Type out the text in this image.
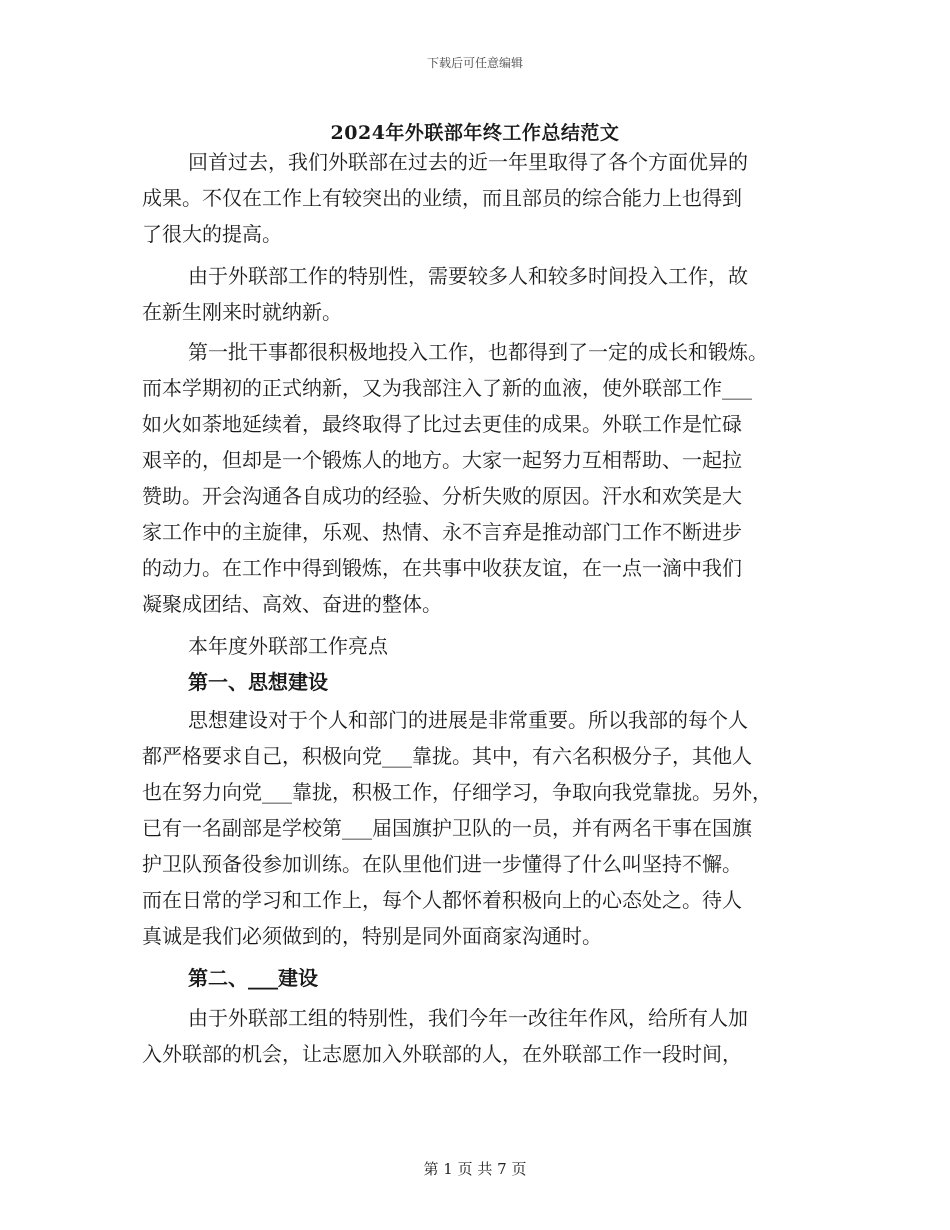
下载后可任意编辑
2024年外联部年终工作总结范文
回首过去，我们外联部在过去的近一年里取得了各个方面优异的
成果。不仅在工作上有较突出的业绩，而且部员的综合能力上也得到
了很大的提高。
由于外联部工作的特别性，需要较多人和较多时间投入工作，故
在新生刚来时就纳新。
第一批干事都很积极地投入工作，也都得到了一定的成长和锻炼。
而本学期初的正式纳新，又为我部注入了新的血液，使外联部工作___
如火如荼地延续着，最终取得了比过去更佳的成果。外联工作是忙碌
艰辛的，但却是一个锻炼人的地方。大家一起努力互相帮助、一起拉
赞助。开会沟通各自成功的经验、分析失败的原因。汗水和欢笑是大
家工作中的主旋律，乐观、热情、永不言弃是推动部门工作不断进步
的动力。在工作中得到锻炼，在共事中收获友谊，在一点一滴中我们
凝聚成团结、高效、奋进的整体。
本年度外联部工作亮点
第一、思想建设
思想建设对于个人和部门的进展是非常重要。所以我部的每个人
都严格要求自己，积极向党___靠拢。其中，有六名积极分子，其他人
也在努力向党___靠拢，积极工作，仔细学习，争取向我党靠拢。另外，
已有一名副部是学校第___届国旗护卫队的一员，并有两名干事在国旗
护卫队预备役参加训练。在队里他们进一步懂得了什么叫坚持不懈。
而在日常的学习和工作上，每个人都怀着积极向上的心态处之。待人
真诚是我们必须做到的，特别是同外面商家沟通时。
第二、___建设
由于外联部工组的特别性，我们今年一改往年作风，给所有人加
入外联部的机会，让志愿加入外联部的人，在外联部工作一段时间，
第 1 页 共 7 页
